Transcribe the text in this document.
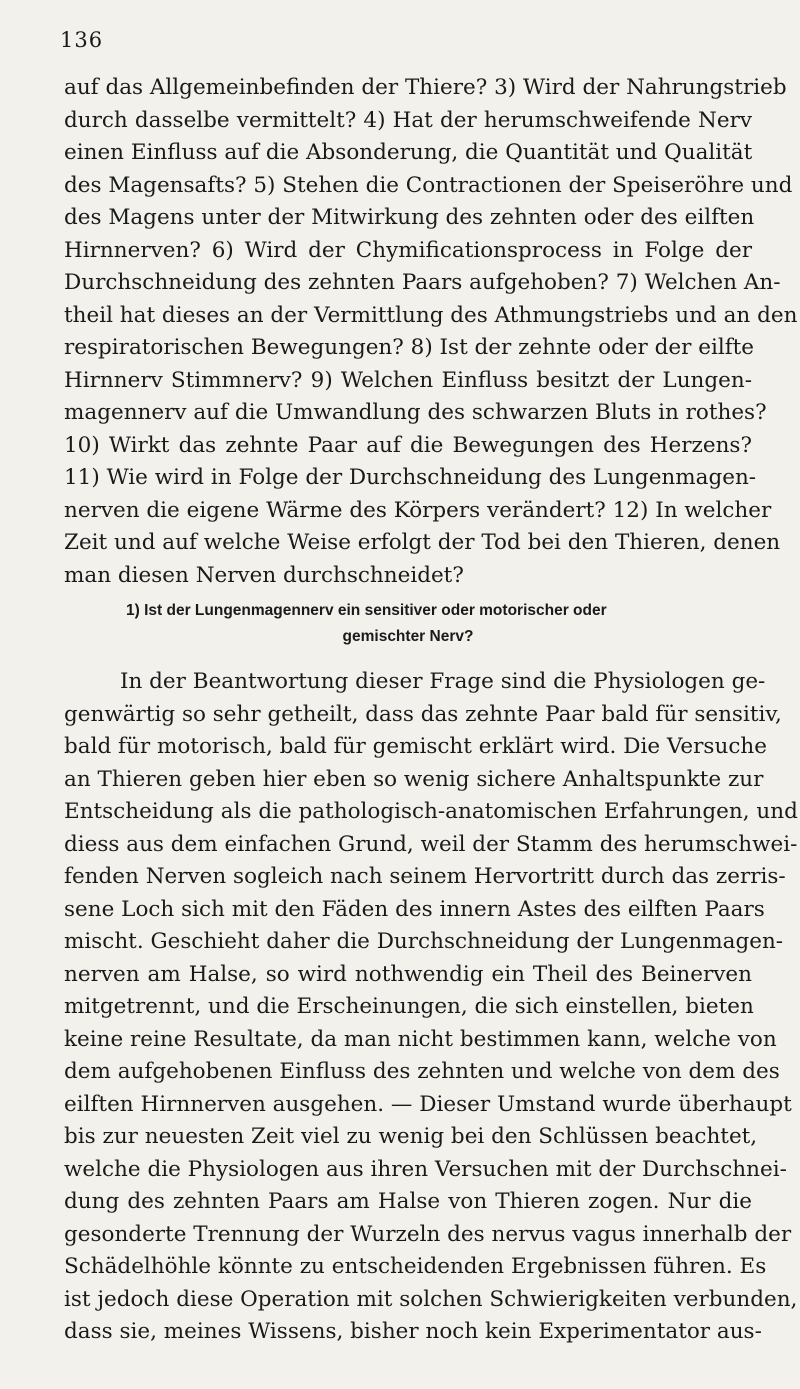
136
auf das Allgemeinbefinden der Thiere? 3) Wird der Nahrungstrieb
durch dasselbe vermittelt? 4) Hat der herumschweifende Nerv
einen Einfluss auf die Absonderung, die Quantität und Qualität
des Magensafts? 5) Stehen die Contractionen der Speiseröhre und
des Magens unter der Mitwirkung des zehnten oder des eilften
Hirnnerven? 6) Wird der Chymificationsprocess in Folge der
Durchschneidung des zehnten Paars aufgehoben? 7) Welchen An-
theil hat dieses an der Vermittlung des Athmungstriebs und an den
respiratorischen Bewegungen? 8) Ist der zehnte oder der eilfte
Hirnnerv Stimmnerv? 9) Welchen Einfluss besitzt der Lungen-
magennerv auf die Umwandlung des schwarzen Bluts in rothes?
10) Wirkt das zehnte Paar auf die Bewegungen des Herzens?
11) Wie wird in Folge der Durchschneidung des Lungenmagen-
nerven die eigene Wärme des Körpers verändert? 12) In welcher
Zeit und auf welche Weise erfolgt der Tod bei den Thieren, denen
man diesen Nerven durchschneidet?
1) Ist der Lungenmagennerv ein sensitiver oder motorischer oder
gemischter Nerv?
In der Beantwortung dieser Frage sind die Physiologen ge-
genwärtig so sehr getheilt, dass das zehnte Paar bald für sensitiv,
bald für motorisch, bald für gemischt erklärt wird. Die Versuche
an Thieren geben hier eben so wenig sichere Anhaltspunkte zur
Entscheidung als die pathologisch-anatomischen Erfahrungen, und
diess aus dem einfachen Grund, weil der Stamm des herumschwei-
fenden Nerven sogleich nach seinem Hervortritt durch das zerris-
sene Loch sich mit den Fäden des innern Astes des eilften Paars
mischt. Geschieht daher die Durchschneidung der Lungenmagen-
nerven am Halse, so wird nothwendig ein Theil des Beinerven
mitgetrennt, und die Erscheinungen, die sich einstellen, bieten
keine reine Resultate, da man nicht bestimmen kann, welche von
dem aufgehobenen Einfluss des zehnten und welche von dem des
eilften Hirnnerven ausgehen. — Dieser Umstand wurde überhaupt
bis zur neuesten Zeit viel zu wenig bei den Schlüssen beachtet,
welche die Physiologen aus ihren Versuchen mit der Durchschnei-
dung des zehnten Paars am Halse von Thieren zogen. Nur die
gesonderte Trennung der Wurzeln des nervus vagus innerhalb der
Schädelhöhle könnte zu entscheidenden Ergebnissen führen. Es
ist jedoch diese Operation mit solchen Schwierigkeiten verbunden,
dass sie, meines Wissens, bisher noch kein Experimentator aus-
